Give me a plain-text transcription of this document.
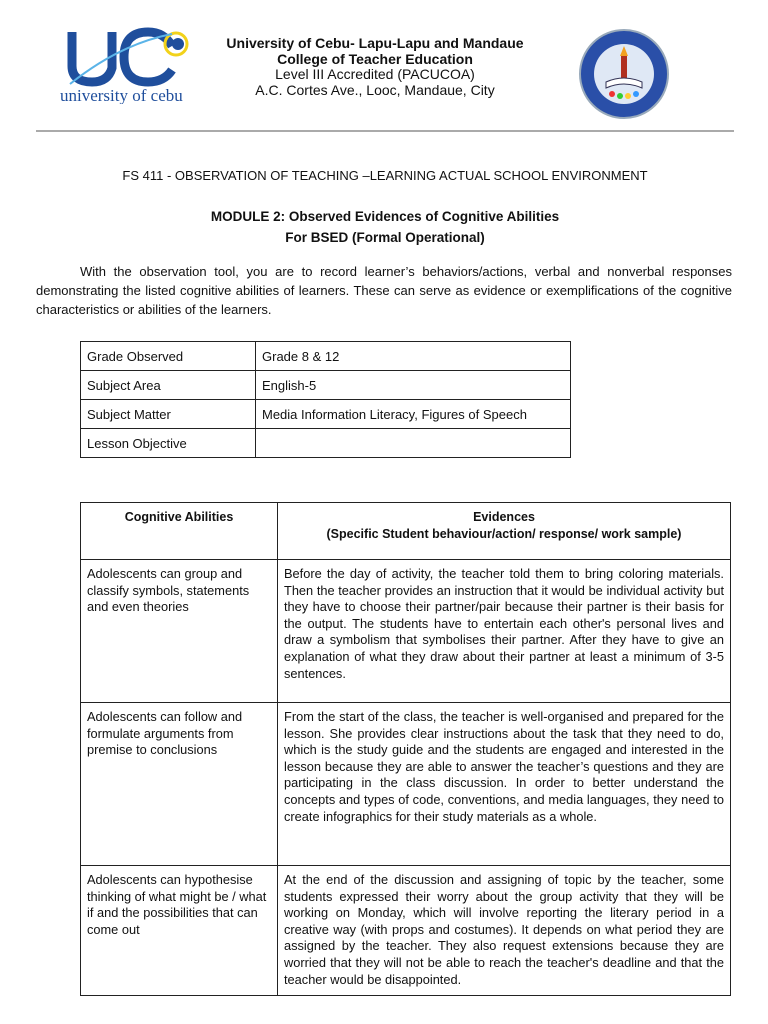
university of cebu
University of Cebu- Lapu-Lapu and Mandaue
College of Teacher Education
Level III Accredited (PACUCOA)
A.C. Cortes Ave., Looc, Mandaue, City
FS 411 - OBSERVATION OF TEACHING –LEARNING ACTUAL SCHOOL ENVIRONMENT
MODULE 2: Observed Evidences of Cognitive Abilities
For BSED (Formal Operational)
With the observation tool, you are to record learner’s behaviors/actions, verbal and nonverbal responses demonstrating the listed cognitive abilities of learners. These can serve as evidence or exemplifications of the cognitive characteristics or abilities of the learners.
Grade Observed	Grade 8 & 12
Subject Area	English-5
Subject Matter	Media Information Literacy, Figures of Speech
Lesson Objective	
Cognitive Abilities	Evidences
(Specific Student behaviour/action/ response/ work sample)

Adolescents can group and classify symbols, statements and even theories	Before the day of activity, the teacher told them to bring coloring materials. Then the teacher provides an instruction that it would be individual activity but they have to choose their partner/pair because their partner is their basis for the output. The students have to entertain each other's personal lives and draw a symbolism that symbolises their partner. After they have to give an explanation of what they draw about their partner at least a minimum of 3-5 sentences.
Adolescents can follow and formulate arguments from premise to conclusions	From the start of the class, the teacher is well-organised and prepared for the lesson. She provides clear instructions about the task that they need to do, which is the study guide and the students are engaged and interested in the lesson because they are able to answer the teacher’s questions and they are participating in the class discussion. In order to better understand the concepts and types of code, conventions, and media languages, they need to create infographics for their study materials as a whole.
Adolescents can hypothesise thinking of what might be / what if and the possibilities that can come out	At the end of the discussion and assigning of topic by the teacher, some students expressed their worry about the group activity that they will be working on Monday, which will involve reporting the literary period in a creative way (with props and costumes). It depends on what period they are assigned by the teacher. They also request extensions because they are worried that they will not be able to reach the teacher's deadline and that the teacher would be disappointed.
